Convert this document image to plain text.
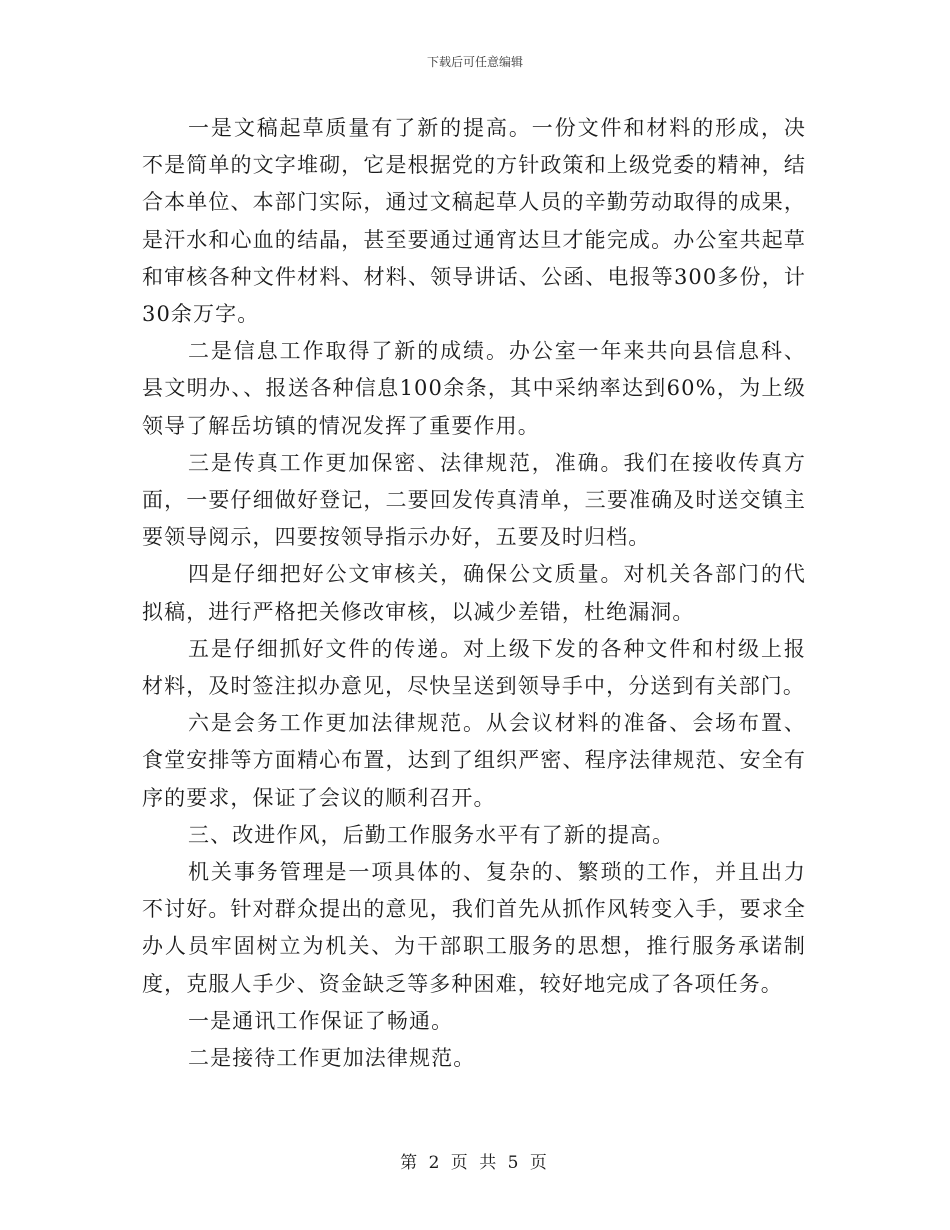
下载后可任意编辑

一是文稿起草质量有了新的提高。一份文件和材料的形成，决不是简单的文字堆砌，它是根据党的方针政策和上级党委的精神，结合本单位、本部门实际，通过文稿起草人员的辛勤劳动取得的成果，是汗水和心血的结晶，甚至要通过通宵达旦才能完成。办公室共起草和审核各种文件材料、材料、领导讲话、公函、电报等300多份，计30余万字。

二是信息工作取得了新的成绩。办公室一年来共向县信息科、县文明办、、报送各种信息100余条，其中采纳率达到60%，为上级领导了解岳坊镇的情况发挥了重要作用。

三是传真工作更加保密、法律规范，准确。我们在接收传真方面，一要仔细做好登记，二要回发传真清单，三要准确及时送交镇主要领导阅示，四要按领导指示办好，五要及时归档。

四是仔细把好公文审核关，确保公文质量。对机关各部门的代拟稿，进行严格把关修改审核，以减少差错，杜绝漏洞。

五是仔细抓好文件的传递。对上级下发的各种文件和村级上报材料，及时签注拟办意见，尽快呈送到领导手中，分送到有关部门。

六是会务工作更加法律规范。从会议材料的准备、会场布置、食堂安排等方面精心布置，达到了组织严密、程序法律规范、安全有序的要求，保证了会议的顺利召开。

三、改进作风，后勤工作服务水平有了新的提高。

机关事务管理是一项具体的、复杂的、繁琐的工作，并且出力不讨好。针对群众提出的意见，我们首先从抓作风转变入手，要求全办人员牢固树立为机关、为干部职工服务的思想，推行服务承诺制度，克服人手少、资金缺乏等多种困难，较好地完成了各项任务。

一是通讯工作保证了畅通。

二是接待工作更加法律规范。

第 2 页 共 5 页
